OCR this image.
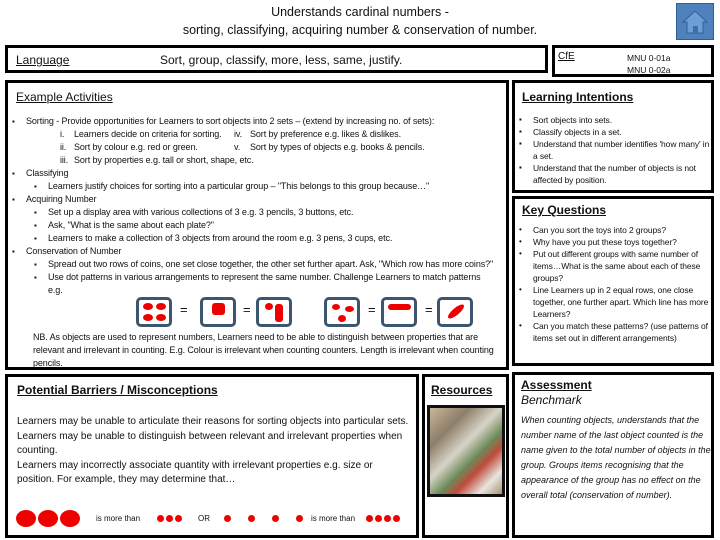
Understands cardinal numbers -
sorting, classifying, acquiring number & conservation of number.
Language	Sort, group, classify, more, less, same, justify.	CfE	MNU 0-01a
MNU 0-02a
Example Activities
▪ Sorting - Provide opportunities for Learners to sort objects into 2 sets – (extend by increasing no. of sets):
i. Learners decide on criteria for sorting. iv. Sort by preference e.g. likes & dislikes.
ii. Sort by colour e.g. red or green.	v. Sort by types of objects e.g. books & pencils.
iii. Sort by properties e.g. tall or short, shape, etc.
▪ Classifying
▪ Learners justify choices for sorting into a particular group – "This belongs to this group because…"
▪ Acquiring Number
▪ Set up a display area with various collections of 3 e.g. 3 pencils, 3 buttons, etc.
▪ Ask, "What is the same about each plate?"
▪ Learners to make a collection of 3 objects from around the room e.g. 3 pens, 3 cups, etc.
▪ Conservation of Number
▪ Spread out two rows of coins, one set close together, the other set further apart. Ask, "Which row has more coins?"
▪ Use dot patterns in various arrangements to represent the same number. Challenge Learners to match patterns e.g.
NB. As objects are used to represent numbers, Learners need to be able to distinguish between properties that are relevant and irrelevant in counting. E.g. Colour is irrelevant when counting counters. Length is irrelevant when counting pencils.
=	=	=	=
Learning Intentions
▪ Sort objects into sets.
▪ Classify objects in a set.
▪ Understand that number identifies 'how many' in a set.
▪ Understand that the number of objects is not affected by position.
Key Questions
• Can you sort the toys into 2 groups?
• Why have you put these toys together?
• Put out different groups with same number of items…What is the same about each of these groups?
• Line Learners up in 2 equal rows, one close together, one further apart. Which line has more Learners?
• Can you match these patterns? (use patterns of items set out in different arrangements)
Potential Barriers / Misconceptions
Learners may be unable to articulate their reasons for sorting objects into particular sets.
Learners may be unable to distinguish between relevant and irrelevant properties when counting.
Learners may incorrectly associate quantity with irrelevant properties e.g. size or position. For example, they may determine that…
is more than	OR	is more than
Resources Assessment
Benchmark
When counting objects, understands that the number name of the last object counted is the name given to the total number of objects in the group. Groups items recognising that the appearance of the group has no effect on the overall total (conservation of number).
